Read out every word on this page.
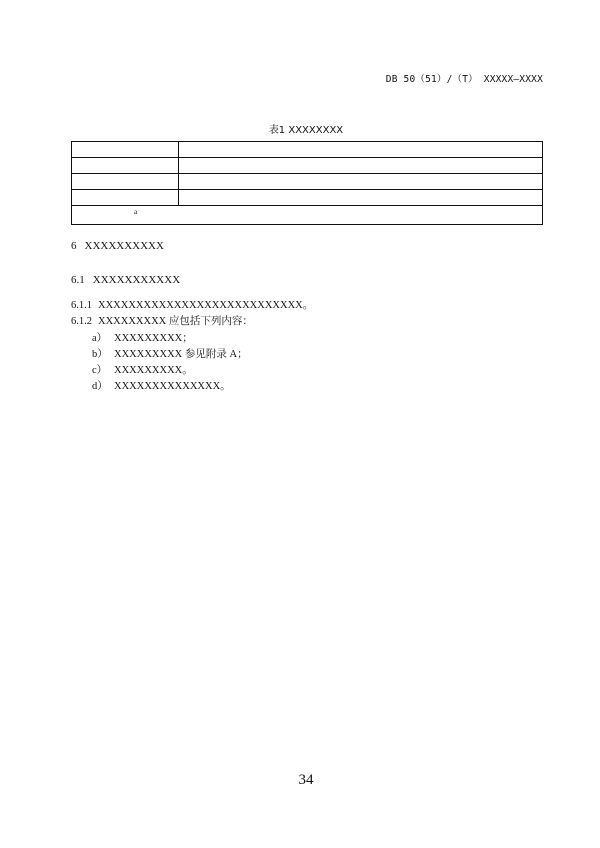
DB 50（51）/（T） XXXXX—XXXX
表1 XXXXXXXX
a
6 XXXXXXXXXX
6.1 XXXXXXXXXXX
6.1.1 XXXXXXXXXXXXXXXXXXXXXXXXXXX。
6.1.2 XXXXXXXXX 应包括下列内容：
a） XXXXXXXXX；
b） XXXXXXXXX 参见附录 A；
c） XXXXXXXXX。
d） XXXXXXXXXXXXXX。
34
